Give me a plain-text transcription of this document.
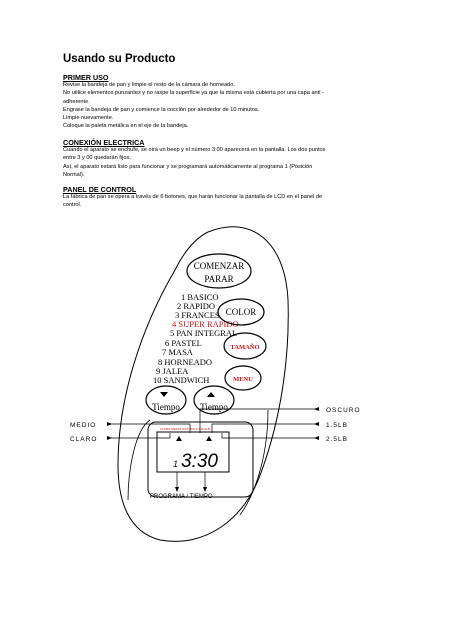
Usando su Producto
PRIMER USO
Revise la bandeja de pan y limpie el resto de la cámara de horneado.
No utilice elementos punzantes y no raspe la superficie ya que la misma está cubierta por una capa anti -
adherente.
Engrase la bandeja de pan y comience la cocción por alrededor de 10 minutos.
Limpie nuevamente.
Coloque la paleta metálica en el eje de la bandeja.
CONEXIÓN ELECTRICA
Cuando el aparato se enchufe, se oirá un beep y el número 3:00 aparecerá en la pantalla. Los dos puntos
entre 3 y 00 quedarán fijos.
Así, el aparato estará listo para funcionar y se programará automáticamente al programa 1 (Posición
Normal).
PANEL DE CONTROL
La fábrica de pan se opera a través de 6 botones, que harán funcionar la pantalla de LCD en el panel de
control.
COMENZAR
PARAR
1 BASICO
2 RAPIDO
3 FRANCES
4 SUPER RAPIDO
5 PAN INTEGRAL
6 PASTEL
7 MASA
8 HORNEADO
9 JALEA
10 SANDWICH
COLOR
TAMAÑO
MENU
Tiempo Tiempo
CLARO MEDIO OSCURO 1.5LB 2LB
1 3:30
MEDIO
CLARO
OSCURO
1.5LB
2.5LB
PROGRAMA / TIEMPO
